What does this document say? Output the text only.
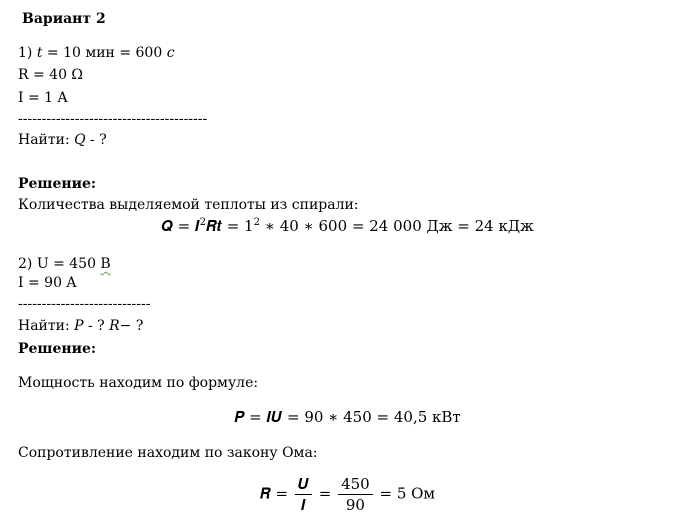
Вариант 2
1) 𝑡 = 10 мин = 600 𝑐
R = 40 Ω
I = 1 A
----------------------------------------
Найти: 𝑄 - ?
Решение:
Количества выделяемой теплоты из спирали:
𝑸 = 𝑰$^2$𝑹𝒕 = $1^2$ ∗ 40 ∗ 600 = 24 000 Дж = 24 кДж
2) U = 450 В
I = 90 A
----------------------------
Найти: 𝑃 - ? 𝑅− ?
Решение:
Мощность находим по формуле:
𝑷 = 𝑰𝑼 = 90 ∗ 450 = 40,5 кВт
Сопротивление находим по закону Ома:
𝑹 = $\frac{\text{𝑼}}{\text{𝑰}} = \frac{450}{90} = 5$ Ом
